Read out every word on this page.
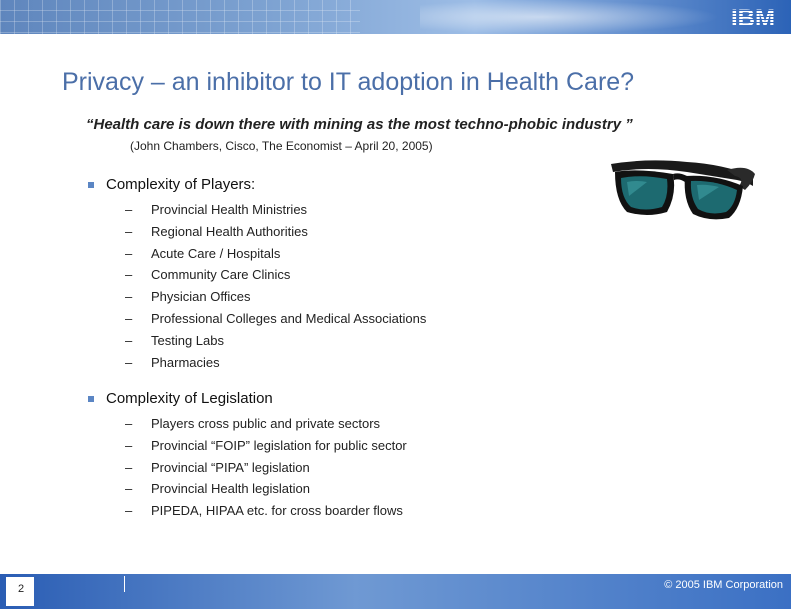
Privacy – an inhibitor to IT adoption in Health Care?
“Health care is down there with mining as the most techno-phobic industry ”
(John Chambers, Cisco, The Economist – April 20, 2005)
Complexity of Players:
– Provincial Health Ministries
– Regional Health Authorities
– Acute Care / Hospitals
– Community Care Clinics
– Physician Offices
– Professional Colleges and Medical Associations
– Testing Labs
– Pharmacies
Complexity of Legislation
– Players cross public and private sectors
– Provincial “FOIP” legislation for public sector
– Provincial “PIPA” legislation
– Provincial Health legislation
– PIPEDA, HIPAA etc. for cross boarder flows
2	© 2005 IBM Corporation
